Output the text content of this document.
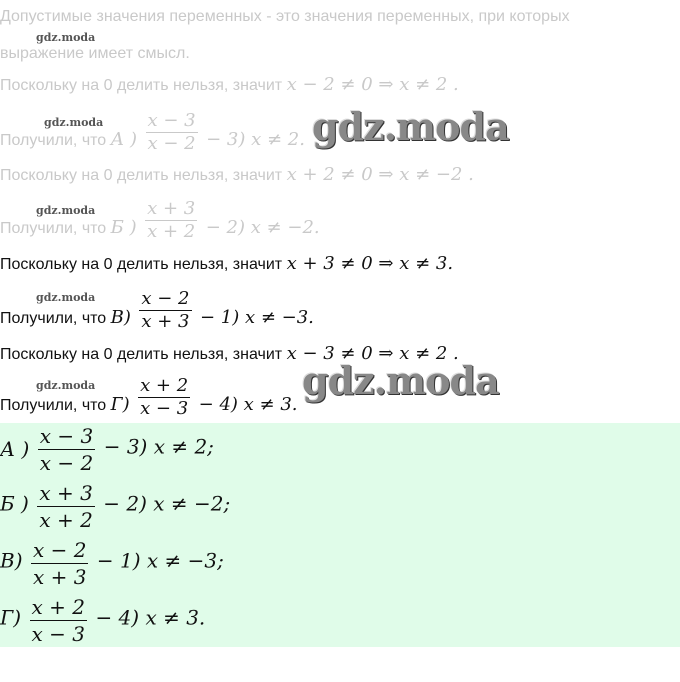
Допустимые значения переменных - это значения переменных, при которых
выражение имеет смысл.
gdz.moda
Поскольку на 0 делить нельзя, значит x − 2 ≠ 0 ⇒ x ≠ 2 .
gdz.moda
Получили, что А ) $\frac{x - 3}{x - 2} - 3$) x ≠ 2. gdz.moda
Поскольку на 0 делить нельзя, значит x + 2 ≠ 0 ⇒ x ≠ −2 .
gdz.moda
Получили, что Б ) $\frac{x + 3}{x + 2} - 2$) x ≠ −2.
Поскольку на 0 делить нельзя, значит x + 3 ≠ 0 ⇒ x ≠ 3.
gdz.moda
Получили, что $В) \frac{x - 2}{x + 3} - 1$) x ≠ −3.
Поскольку на 0 делить нельзя, значит x − 3 ≠ 0 ⇒ x ≠ 2 .
gdz.moda
Получили, что $Г) \frac{x + 2}{x - 3} - 4$) x ≠ 3.
gdz.moda
А ) $\frac{x - 3}{x - 2} - 3$) x ≠ 2;
Б ) $\frac{x + 3}{x + 2} - 2$) x ≠ −2;
$В) \frac{x - 2}{x + 3} - 1$) x ≠ −3;
$Г) \frac{x + 2}{x - 3} - 4$) x ≠ 3.
